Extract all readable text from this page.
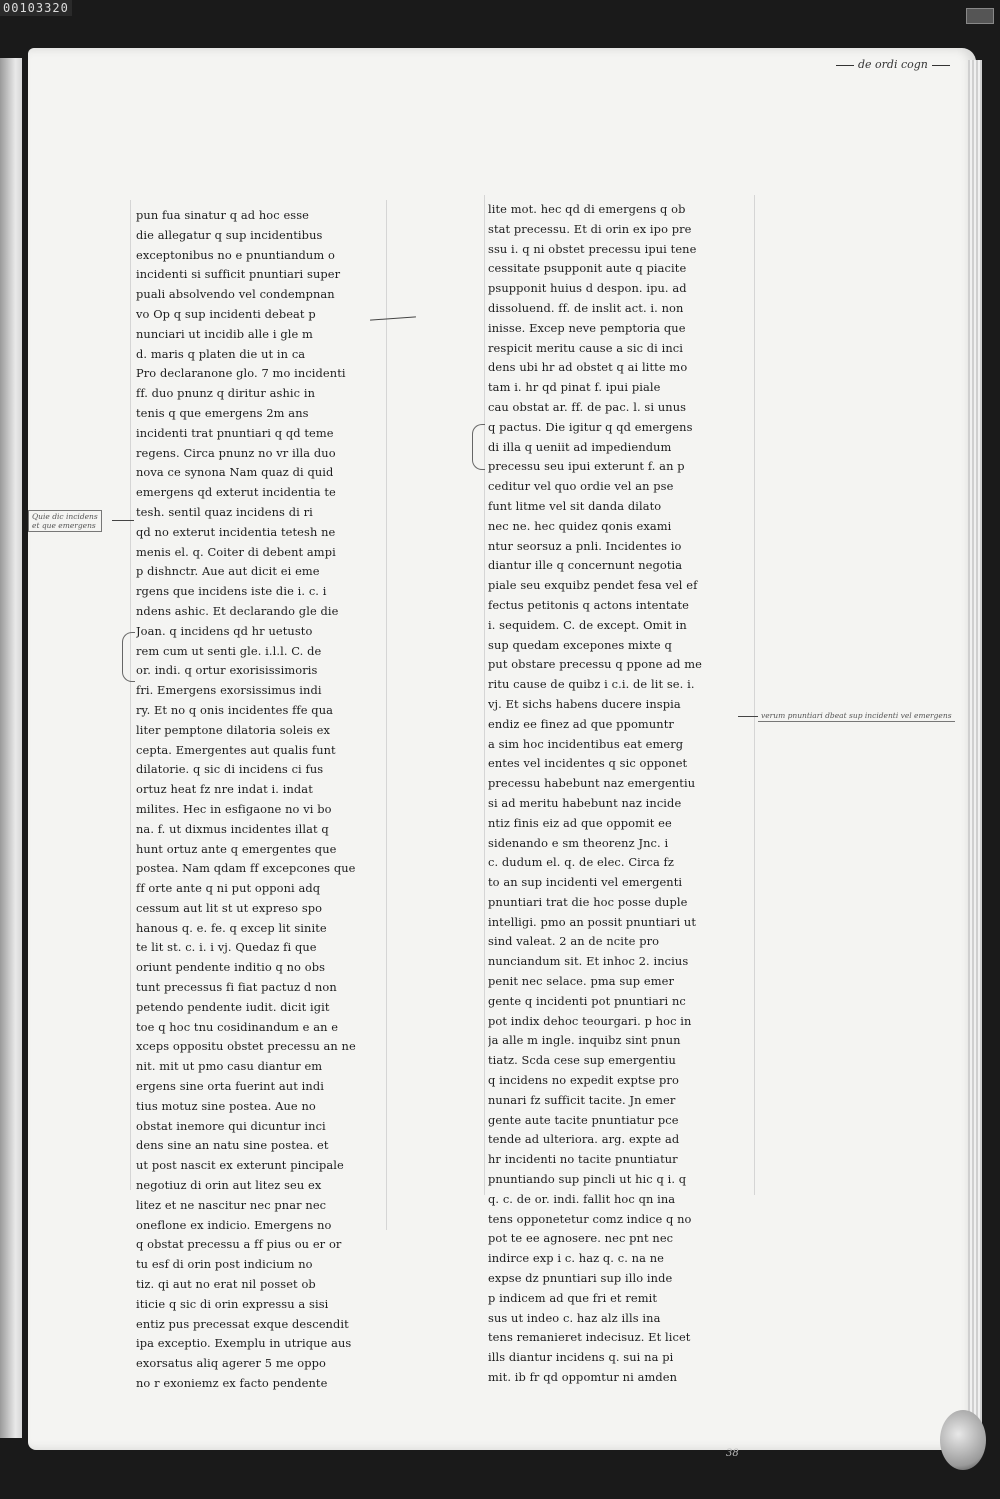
00103320
de ordi cogn
pun fua sinatur q ad hoc esse
die allegatur q sup incidentibus
exceptonibus no e pnuntiandum o
incidenti si sufficit pnuntiari super
puali absolvendo vel condempnan
vo Op q sup incidenti debeat p
nunciari ut incidib alle i gle m
d. maris q platen die ut in ca
Pro declaranone glo. 7 mo incidenti
ff. duo pnunz q diritur ashic in
tenis q que emergens 2m ans
incidenti trat pnuntiari q qd teme
regens. Circa pnunz no vr illa duo
nova ce synona Nam quaz di quid
emergens qd exterut incidentia te
tesh. sentil quaz incidens di ri
qd no exterut incidentia tetesh ne
menis el. q. Coiter di debent ampi
p dishnctr. Aue aut dicit ei eme
rgens que incidens iste die i. c. i
ndens ashic. Et declarando gle die
Joan. q incidens qd hr uetusto
rem cum ut senti gle. i.l.l. C. de
or. indi. q ortur exorisissimoris
fri. Emergens exorsissimus indi
ry. Et no q onis incidentes ffe qua
liter pemptone dilatoria soleis ex
cepta. Emergentes aut qualis funt
dilatorie. q sic di incidens ci fus
ortuz heat fz nre indat i. indat
milites. Hec in esfigaone no vi bo
na. f. ut dixmus incidentes illat q
hunt ortuz ante q emergentes que
postea. Nam qdam ff excepcones que
ff orte ante q ni put opponi adq
cessum aut lit st ut expreso spo
hanous q. e. fe. q excep lit sinite
te lit st. c. i. i vj. Quedaz fi que
oriunt pendente inditio q no obs
tunt precessus fi fiat pactuz d non
petendo pendente iudit. dicit igit
toe q hoc tnu cosidinandum e an e
xceps oppositu obstet precessu an ne
nit. mit ut pmo casu diantur em
ergens sine orta fuerint aut indi
tius motuz sine postea. Aue no
obstat inemore qui dicuntur inci
dens sine an natu sine postea. et
ut post nascit ex exterunt pincipale
negotiuz di orin aut litez seu ex
litez et ne nascitur nec pnar nec
oneflone ex indicio. Emergens no
q obstat precessu a ff pius ou er or
tu esf di orin post indicium no
tiz. qi aut no erat nil posset ob
iticie q sic di orin expressu a sisi
entiz pus precessat exque descendit
ipa exceptio. Exemplu in utrique aus
exorsatus aliq agerer 5 me oppo
no r exoniemz ex facto pendente
lite mot. hec qd di emergens q ob
stat precessu. Et di orin ex ipo pre
ssu i. q ni obstet precessu ipui tene
cessitate psupponit aute q piacite
psupponit huius d despon. ipu. ad
dissoluend. ff. de inslit act. i. non
inisse. Excep neve pemptoria que
respicit meritu cause a sic di inci
dens ubi hr ad obstet q ai litte mo
tam i. hr qd pinat f. ipui piale
cau obstat ar. ff. de pac. l. si unus
q pactus. Die igitur q qd emergens
di illa q ueniit ad impediendum
precessu seu ipui exterunt f. an p
ceditur vel quo ordie vel an pse
funt litme vel sit danda dilato
nec ne. hec quidez qonis exami
ntur seorsuz a pnli. Incidentes io
diantur ille q concernunt negotia
piale seu exquibz pendet fesa vel ef
fectus petitonis q actons intentate
i. sequidem. C. de except. Omit in
sup quedam excepones mixte q
put obstare precessu q ppone ad me
ritu cause de quibz i c.i. de lit se. i.
vj. Et sichs habens ducere inspia
endiz ee finez ad que ppomuntr
a sim hoc incidentibus eat emerg
entes vel incidentes q sic opponet
precessu habebunt naz emergentiu
si ad meritu habebunt naz incide
ntiz finis eiz ad que oppomit ee
sidenando e sm theorenz Jnc. i
c. dudum el. q. de elec. Circa fz
to an sup incidenti vel emergenti
pnuntiari trat die hoc posse duple
intelligi. pmo an possit pnuntiari ut
sind valeat. 2 an de ncite pro
nunciandum sit. Et inhoc 2. incius
penit nec selace. pma sup emer
gente q incidenti pot pnuntiari nc
pot indix dehoc teourgari. p hoc in
ja alle m ingle. inquibz sint pnun
tiatz. Scda cese sup emergentiu
q incidens no expedit exptse pro
nunari fz sufficit tacite. Jn emer
gente aute tacite pnuntiatur pce
tende ad ulteriora. arg. expte ad
hr incidenti no tacite pnuntiatur
pnuntiando sup pincli ut hic q i. q
q. c. de or. indi. fallit hoc qn ina
tens opponetetur comz indice q no
pot te ee agnosere. nec pnt nec
indirce exp i c. haz q. c. na ne
expse dz pnuntiari sup illo inde
p indicem ad que fri et remit
sus ut indeo c. haz alz ills ina
tens remanieret indecisuz. Et licet
ills diantur incidens q. sui na pi
mit. ib fr qd oppomtur ni amden
Quie dic incidens
et que emergens
verum pnuntiari dbeat sup incidenti vel emergens
38
